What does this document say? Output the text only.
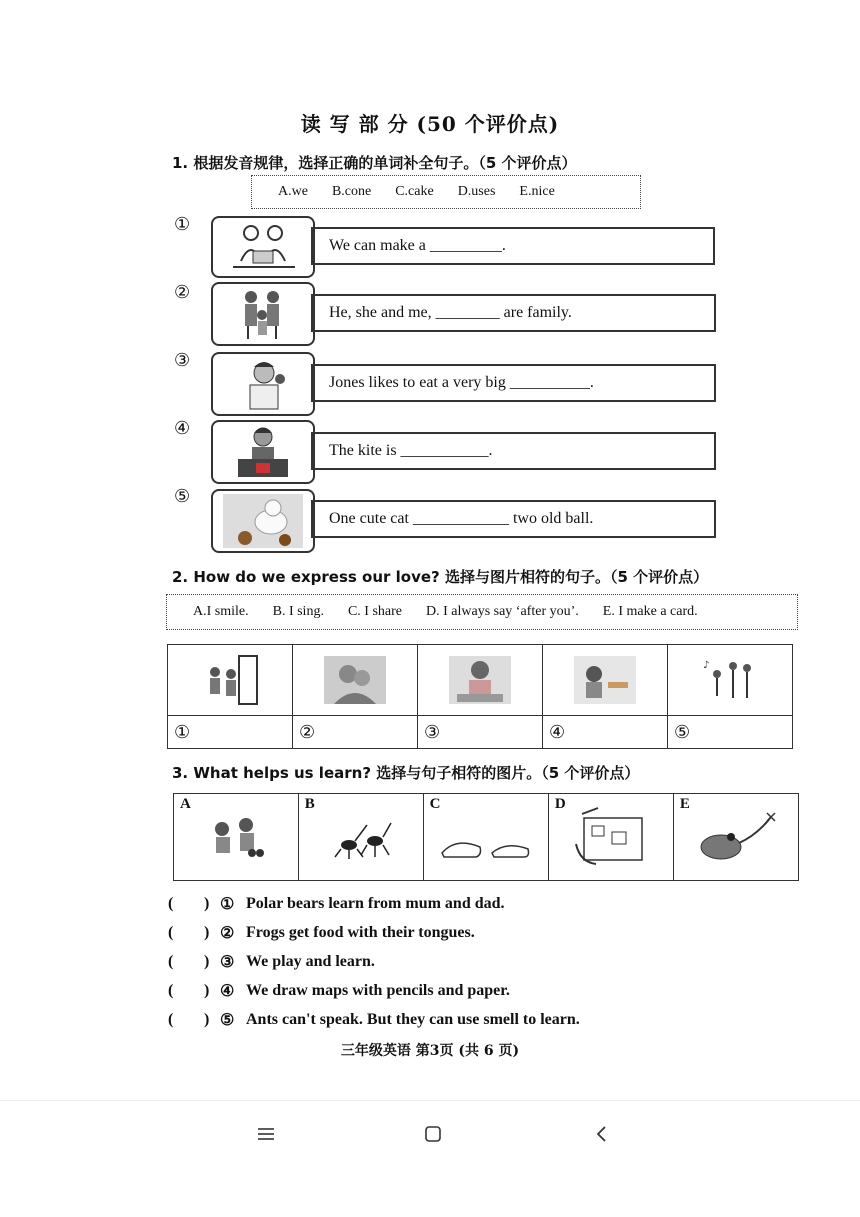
读 写 部 分 (50 个评价点)
1. 根据发音规律，选择正确的单词补全句子。（5 个评价点）
A.we B.cone C.cake D.uses E.nice
①
We can make a _________.
②
He, she and me, ________ are family.
③
Jones likes to eat a very big __________.
④
The kite is ___________.
⑤
One cute cat ____________ two old ball.
2. How do we express our love? 选择与图片相符的句子。（5 个评价点）
A.I smile. B. I sing. C. I share D. I always say ‘after you’. E. I make a card.

♪

①	②	③	④	⑤
3. What helps us learn? 选择与句子相符的图片。（5 个评价点）
A	B	C	D	E
(	) ① Polar bears learn from mum and dad.
(	) ② Frogs get food with their tongues.
(	) ③ We play and learn.
(	) ④ We draw maps with pencils and paper.
(	) ⑤ Ants can't speak. But they can use smell to learn.
三年级英语 第3页 (共 6 页)
